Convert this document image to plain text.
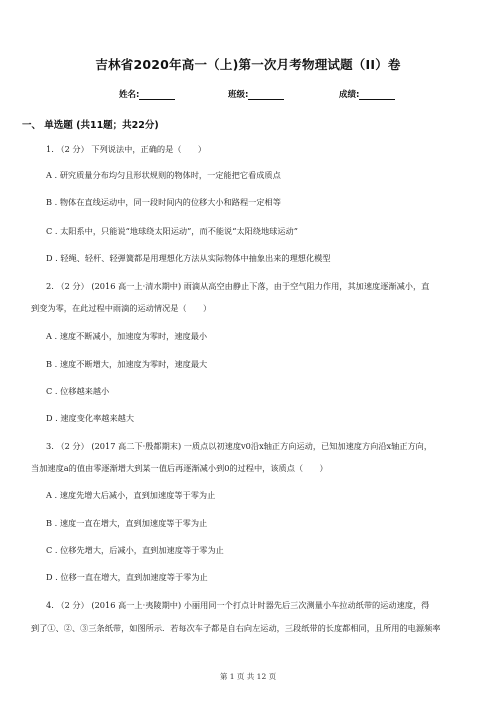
吉林省2020年高一（上)第一次月考物理试题（II）卷
姓名:	班级:	成绩:
一、 单选题 (共11题；共22分)
1. （2 分） 下列说法中，正确的是（　　）
A . 研究质量分布均匀且形状规则的物体时，一定能把它看成质点
B . 物体在直线运动中，同一段时间内的位移大小和路程一定相等
C . 太阳系中，只能说“地球绕太阳运动”，而不能说“太阳绕地球运动”
D . 轻绳、轻杆、轻弹簧都是用理想化方法从实际物体中抽象出来的理想化模型
2. （2 分） (2016 高一上·清水期中) 雨滴从高空由静止下落，由于空气阻力作用，其加速度逐渐减小，直
到变为零，在此过程中雨滴的运动情况是（　　）
A . 速度不断减小，加速度为零时，速度最小
B . 速度不断增大，加速度为零时，速度最大
C . 位移越来越小
D . 速度变化率越来越大
3. （2 分） (2017 高二下·殷都期末) 一质点以初速度v0沿x轴正方向运动，已知加速度方向沿x轴正方向，
当加速度a的值由零逐渐增大到某一值后再逐渐减小到0的过程中，该质点（　　）
A . 速度先增大后减小，直到加速度等于零为止
B . 速度一直在增大，直到加速度等于零为止
C . 位移先增大，后减小，直到加速度等于零为止
D . 位移一直在增大，直到加速度等于零为止
4. （2 分） (2016 高一上·夷陵期中) 小丽用同一个打点计时器先后三次测量小车拉动纸带的运动速度，得
到了①、②、③三条纸带，如图所示．若每次车子都是自右向左运动，三段纸带的长度都相同，且所用的电源频率
第 1 页 共 12 页
